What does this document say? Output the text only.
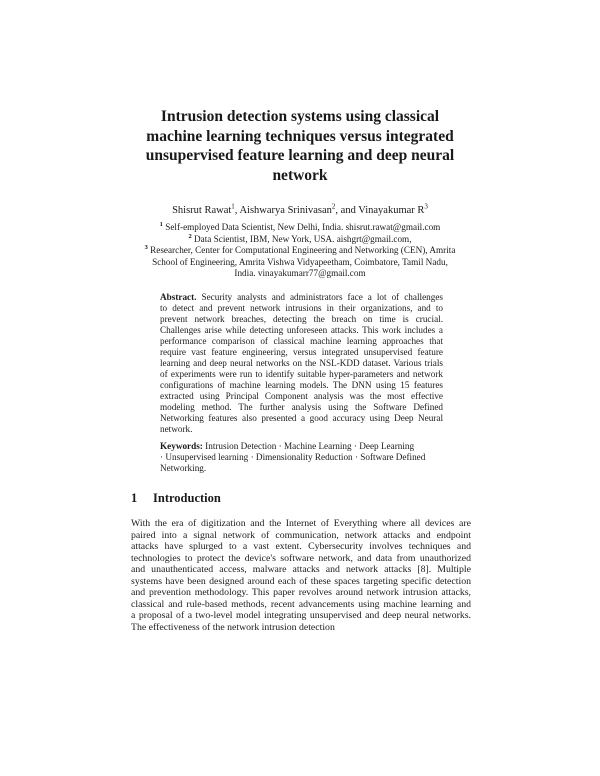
Intrusion detection systems using classical
machine learning techniques versus integrated
unsupervised feature learning and deep neural
network
Shisrut Rawat$^1$, Aishwarya Srinivasan$^2$, and Vinayakumar $R^3$
$^1$ Self-employed Data Scientist, New Delhi, India. shisrut.rawat@gmail.com
$^2$ Data Scientist, IBM, New York, USA. aishgrt@gmail.com,
$^3$ Researcher, Center for Computational Engineering and Networking (CEN), Amrita
School of Engineering, Amrita Vishwa Vidyapeetham, Coimbatore, Tamil Nadu,
India. vinayakumarr77@gmail.com
Abstract. Security analysts and administrators face a lot of challenges
to detect and prevent network intrusions in their organizations, and to
prevent network breaches, detecting the breach on time is crucial.
Challenges arise while detecting unforeseen attacks. This work includes a
performance comparison of classical machine learning approaches that
require vast feature engineering, versus integrated unsupervised feature
learning and deep neural networks on the NSL-KDD dataset. Various trials
of experiments were run to identify suitable hyper-parameters and network
configurations of machine learning models. The DNN using 15 features
extracted using Principal Component analysis was the most effective
modeling method. The further analysis using the Software Defined
Networking features also presented a good accuracy using Deep Neural
network.
Keywords: Intrusion Detection · Machine Learning · Deep Learning
· Unsupervised learning · Dimensionality Reduction · Software Defined
Networking.
1 Introduction
With the era of digitization and the Internet of Everything where all devices are
paired into a signal network of communication, network attacks and endpoint
attacks have splurged to a vast extent. Cybersecurity involves techniques and
technologies to protect the device's software network, and data from unauthorized
and unauthenticated access, malware attacks and network attacks [8]. Multiple
systems have been designed around each of these spaces targeting specific detection
and prevention methodology. This paper revolves around network intrusion attacks,
classical and rule-based methods, recent advancements using machine learning and
a proposal of a two-level model integrating unsupervised and deep neural networks.
The effectiveness of the network intrusion detection
